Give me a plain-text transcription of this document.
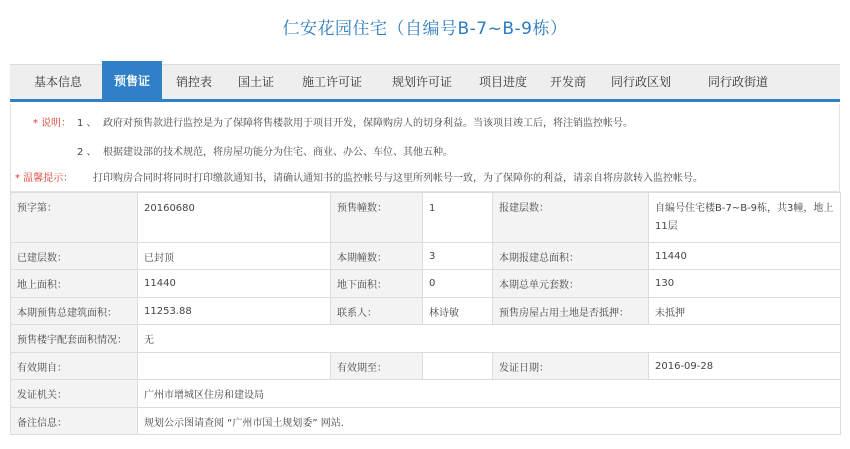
仁安花园住宅（自编号B-7~B-9栋）
基本信息	预售证	销控表	国土证	施工许可证	规划许可证	项目进度	开发商	同行政区划	同行政街道
* 说明： 1 、 政府对预售款进行监控是为了保障将售楼款用于项目开发，保障购房人的切身利益。当该项目竣工后，将注销监控帐号。
2 、 根据建设部的技术规范，将房屋功能分为住宅、商业、办公、车位、其他五种。
* 温馨提示： 打印购房合同时将同时打印缴款通知书，请确认通知书的监控帐号与这里所列帐号一致，为了保障你的利益，请亲自将房款转入监控帐号。
预字第：	20160680	预售幢数：	1	报建层数：	自编号住宅楼B-7~B-9栋，共3幢，地上11层
已建层数：	已封顶	本期幢数：	3	本期报建总面积：	11440
地上面积：	11440	地下面积：	0	本期总单元套数：	130
本期预售总建筑面积：	11253.88	联系人：	林诗敏	预售房屋占用土地是否抵押：	未抵押
预售楼宇配套面积情况：	无				
有效期自：		有效期至：		发证日期：	2016-09-28
发证机关：	广州市增城区住房和建设局				
备注信息：	规划公示图请查阅 “广州市国土规划委” 网站.				
